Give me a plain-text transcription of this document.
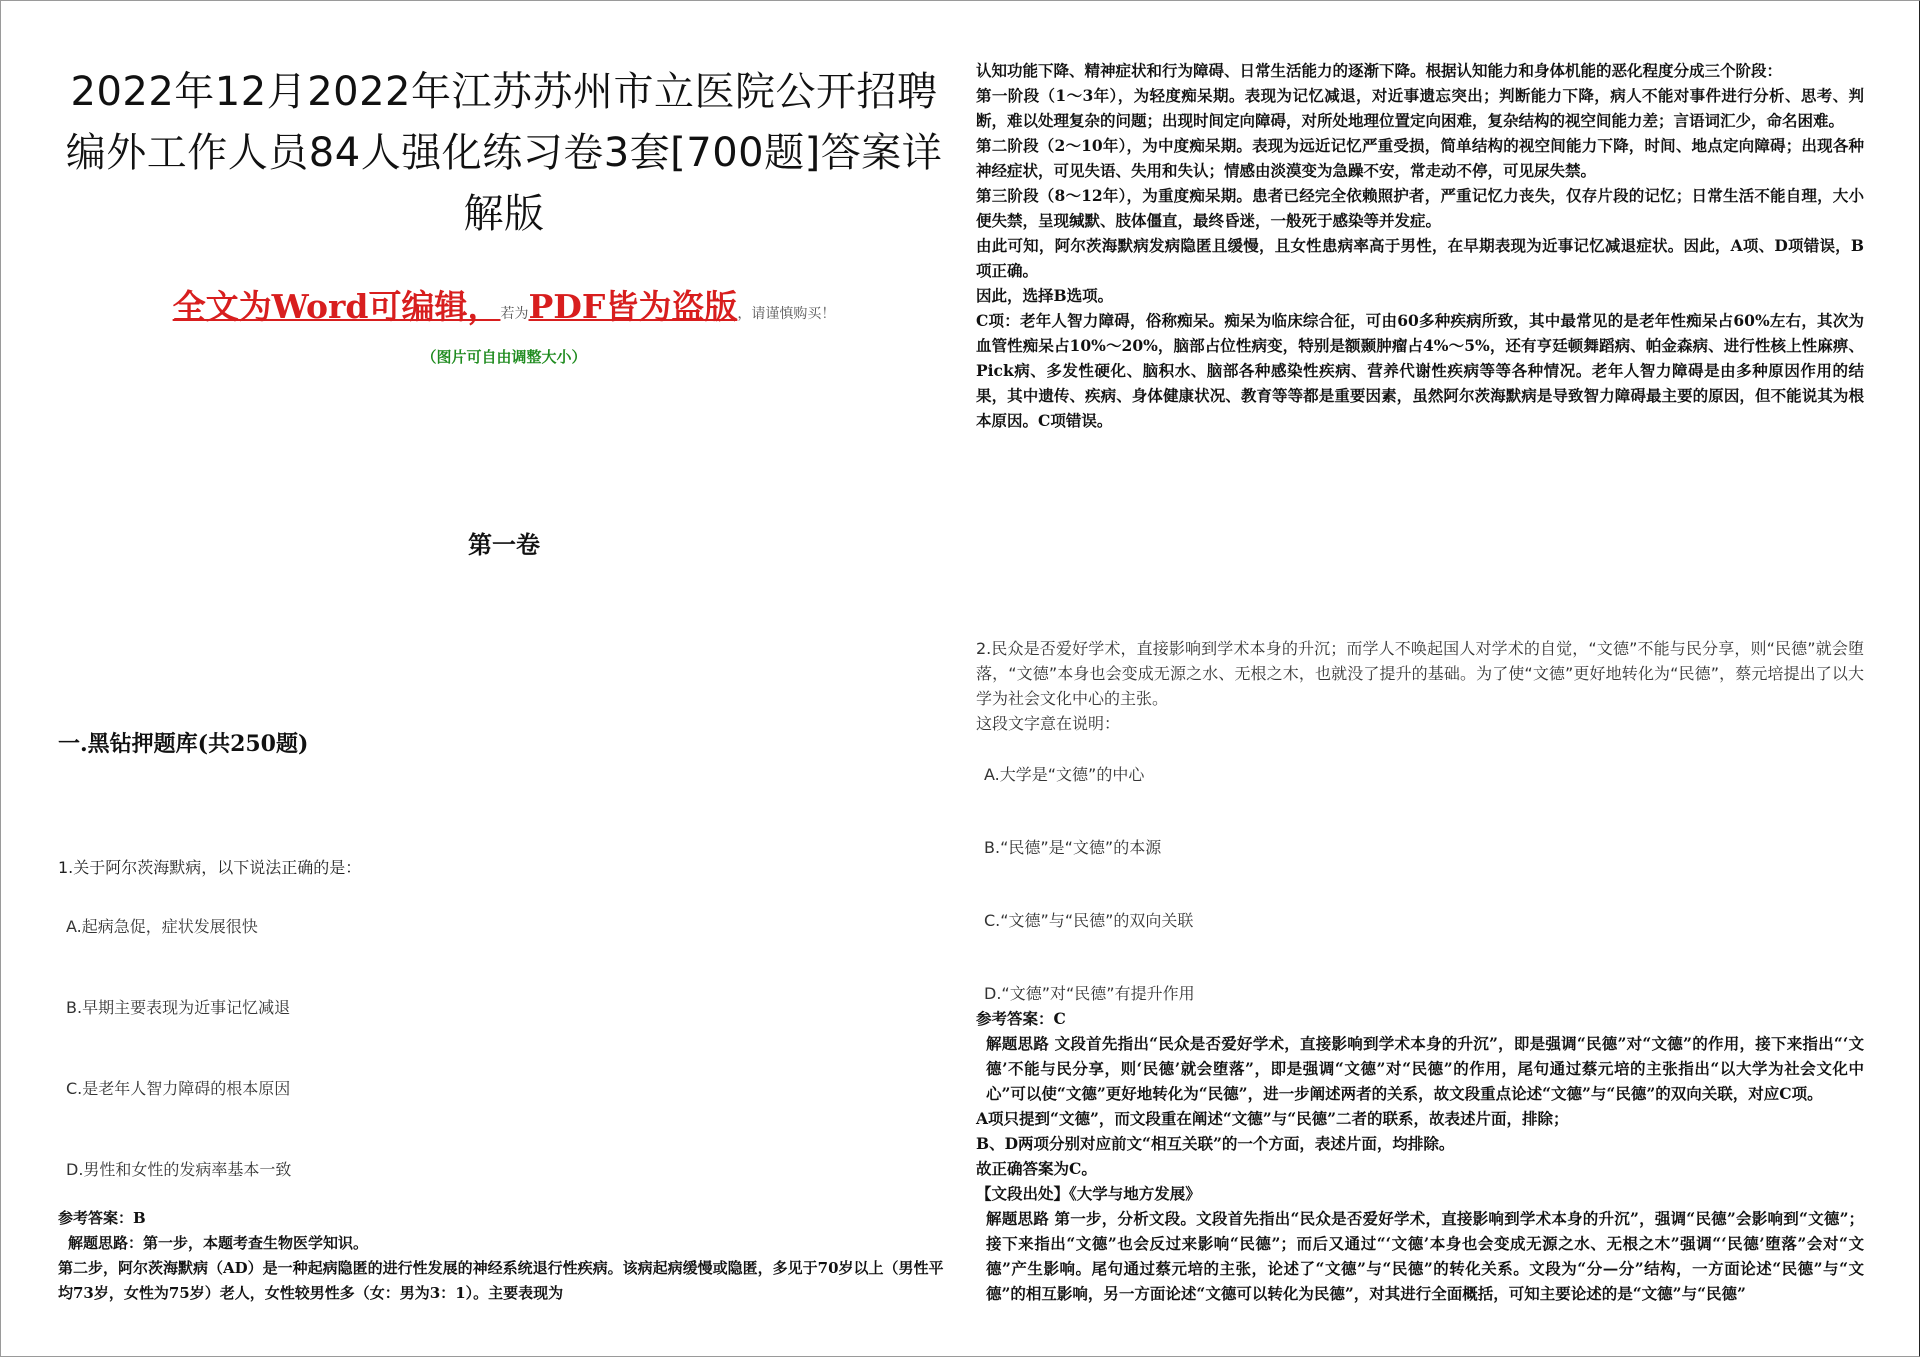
2022年12月2022年江苏苏州市立医院公开招聘编外工作人员84人强化练习卷3套[700题]答案详解版
全文为Word可编辑，若为PDF皆为盗版，请谨慎购买！
（图片可自由调整大小）
第一卷
一.黑钻押题库(共250题)
1.关于阿尔茨海默病，以下说法正确的是：
A.起病急促，症状发展很快
B.早期主要表现为近事记忆减退
C.是老年人智力障碍的根本原因
D.男性和女性的发病率基本一致

参考答案：B

解题思路：第一步，本题考查生物医学知识。

第二步，阿尔茨海默病（AD）是一种起病隐匿的进行性发展的神经系统退行性疾病。该病起病缓慢或隐匿，多见于70岁以上（男性平均73岁，女性为75岁）老人，女性较男性多（女：男为3：1）。主要表现为

认知功能下降、精神症状和行为障碍、日常生活能力的逐渐下降。根据认知能力和身体机能的恶化程度分成三个阶段：

第一阶段（1～3年），为轻度痴呆期。表现为记忆减退，对近事遗忘突出；判断能力下降，病人不能对事件进行分析、思考、判断，难以处理复杂的问题；出现时间定向障碍，对所处地理位置定向困难，复杂结构的视空间能力差；言语词汇少，命名困难。

第二阶段（2～10年），为中度痴呆期。表现为远近记忆严重受损，简单结构的视空间能力下降，时间、地点定向障碍；出现各种神经症状，可见失语、失用和失认；情感由淡漠变为急躁不安，常走动不停，可见尿失禁。

第三阶段（8～12年），为重度痴呆期。患者已经完全依赖照护者，严重记忆力丧失，仅存片段的记忆；日常生活不能自理，大小便失禁，呈现缄默、肢体僵直，最终昏迷，一般死于感染等并发症。

由此可知，阿尔茨海默病发病隐匿且缓慢，且女性患病率高于男性，在早期表现为近事记忆减退症状。因此，A项、D项错误，B项正确。

因此，选择B选项。

C项：老年人智力障碍，俗称痴呆。痴呆为临床综合征，可由60多种疾病所致，其中最常见的是老年性痴呆占60%左右，其次为血管性痴呆占10%～20%，脑部占位性病变，特别是额颞肿瘤占4%～5%，还有亨廷顿舞蹈病、帕金森病、进行性核上性麻痹、Pick病、多发性硬化、脑积水、脑部各种感染性疾病、营养代谢性疾病等等各种情况。老年人智力障碍是由多种原因作用的结果，其中遗传、疾病、身体健康状况、教育等等都是重要因素，虽然阿尔茨海默病是导致智力障碍最主要的原因，但不能说其为根本原因。C项错误。

2.民众是否爱好学术，直接影响到学术本身的升沉；而学人不唤起国人对学术的自觉，“文德”不能与民分享，则“民德”就会堕落，“文德”本身也会变成无源之水、无根之木，也就没了提升的基础。为了使“文德”更好地转化为“民德”，蔡元培提出了以大学为社会文化中心的主张。
这段文字意在说明：
A.大学是“文德”的中心
B.“民德”是“文德”的本源
C.“文德”与“民德”的双向关联
D.“文德”对“民德”有提升作用

参考答案：C

解题思路 文段首先指出“民众是否爱好学术，直接影响到学术本身的升沉”，即是强调“民德”对“文德”的作用，接下来指出“‘文德’不能与民分享，则‘民德’就会堕落”，即是强调“文德”对“民德”的作用，尾句通过蔡元培的主张指出“以大学为社会文化中心”可以使“文德”更好地转化为“民德”，进一步阐述两者的关系，故文段重点论述“文德”与“民德”的双向关联，对应C项。

A项只提到“文德”，而文段重在阐述“文德”与“民德”二者的联系，故表述片面，排除；

B、D两项分别对应前文“相互关联”的一个方面，表述片面，均排除。

故正确答案为C。

【文段出处】《大学与地方发展》

解题思路 第一步，分析文段。文段首先指出“民众是否爱好学术，直接影响到学术本身的升沉”，强调“民德”会影响到“文德”；接下来指出“文德”也会反过来影响“民德”；而后又通过“‘文德’本身也会变成无源之水、无根之木”强调“‘民德’堕落”会对“文德”产生影响。尾句通过蔡元培的主张，论述了“文德”与“民德”的转化关系。文段为“分—分”结构，一方面论述“民德”与“文德”的相互影响，另一方面论述“文德可以转化为民德”，对其进行全面概括，可知主要论述的是“文德”与“民德”
